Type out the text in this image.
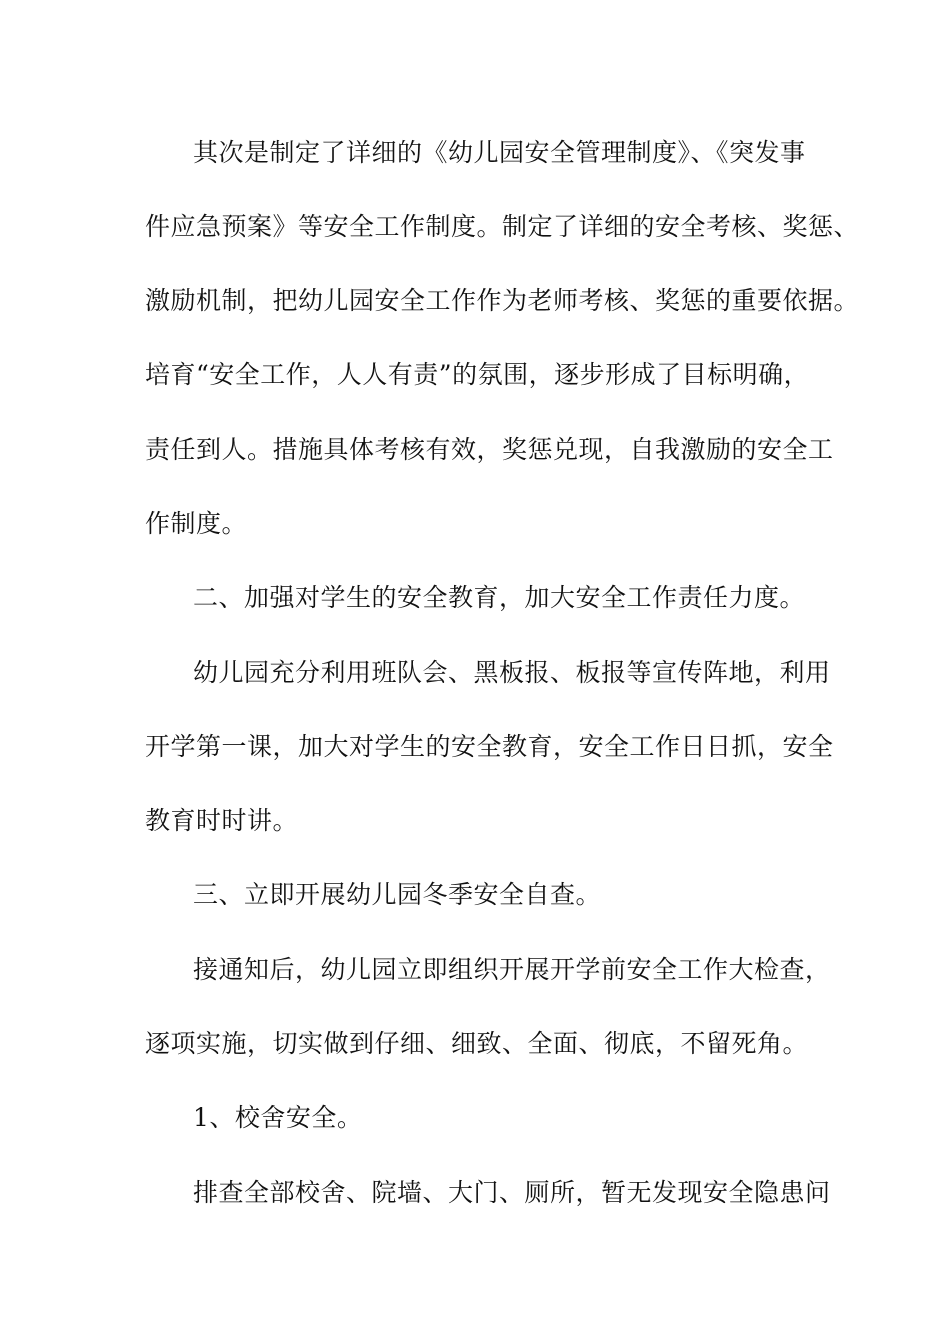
其次是制定了详细的《幼儿园安全管理制度》、《突发事
件应急预案》等安全工作制度。制定了详细的安全考核、奖惩、
激励机制，把幼儿园安全工作作为老师考核、奖惩的重要依据。
培育“安全工作，人人有责”的氛围，逐步形成了目标明确，
责任到人。措施具体考核有效，奖惩兑现，自我激励的安全工
作制度。
二、加强对学生的安全教育，加大安全工作责任力度。
幼儿园充分利用班队会、黑板报、板报等宣传阵地，利用
开学第一课，加大对学生的安全教育，安全工作日日抓，安全
教育时时讲。
三、立即开展幼儿园冬季安全自查。
接通知后，幼儿园立即组织开展开学前安全工作大检查，
逐项实施，切实做到仔细、细致、全面、彻底，不留死角。
1、校舍安全。
排查全部校舍、院墙、大门、厕所，暂无发现安全隐患问
